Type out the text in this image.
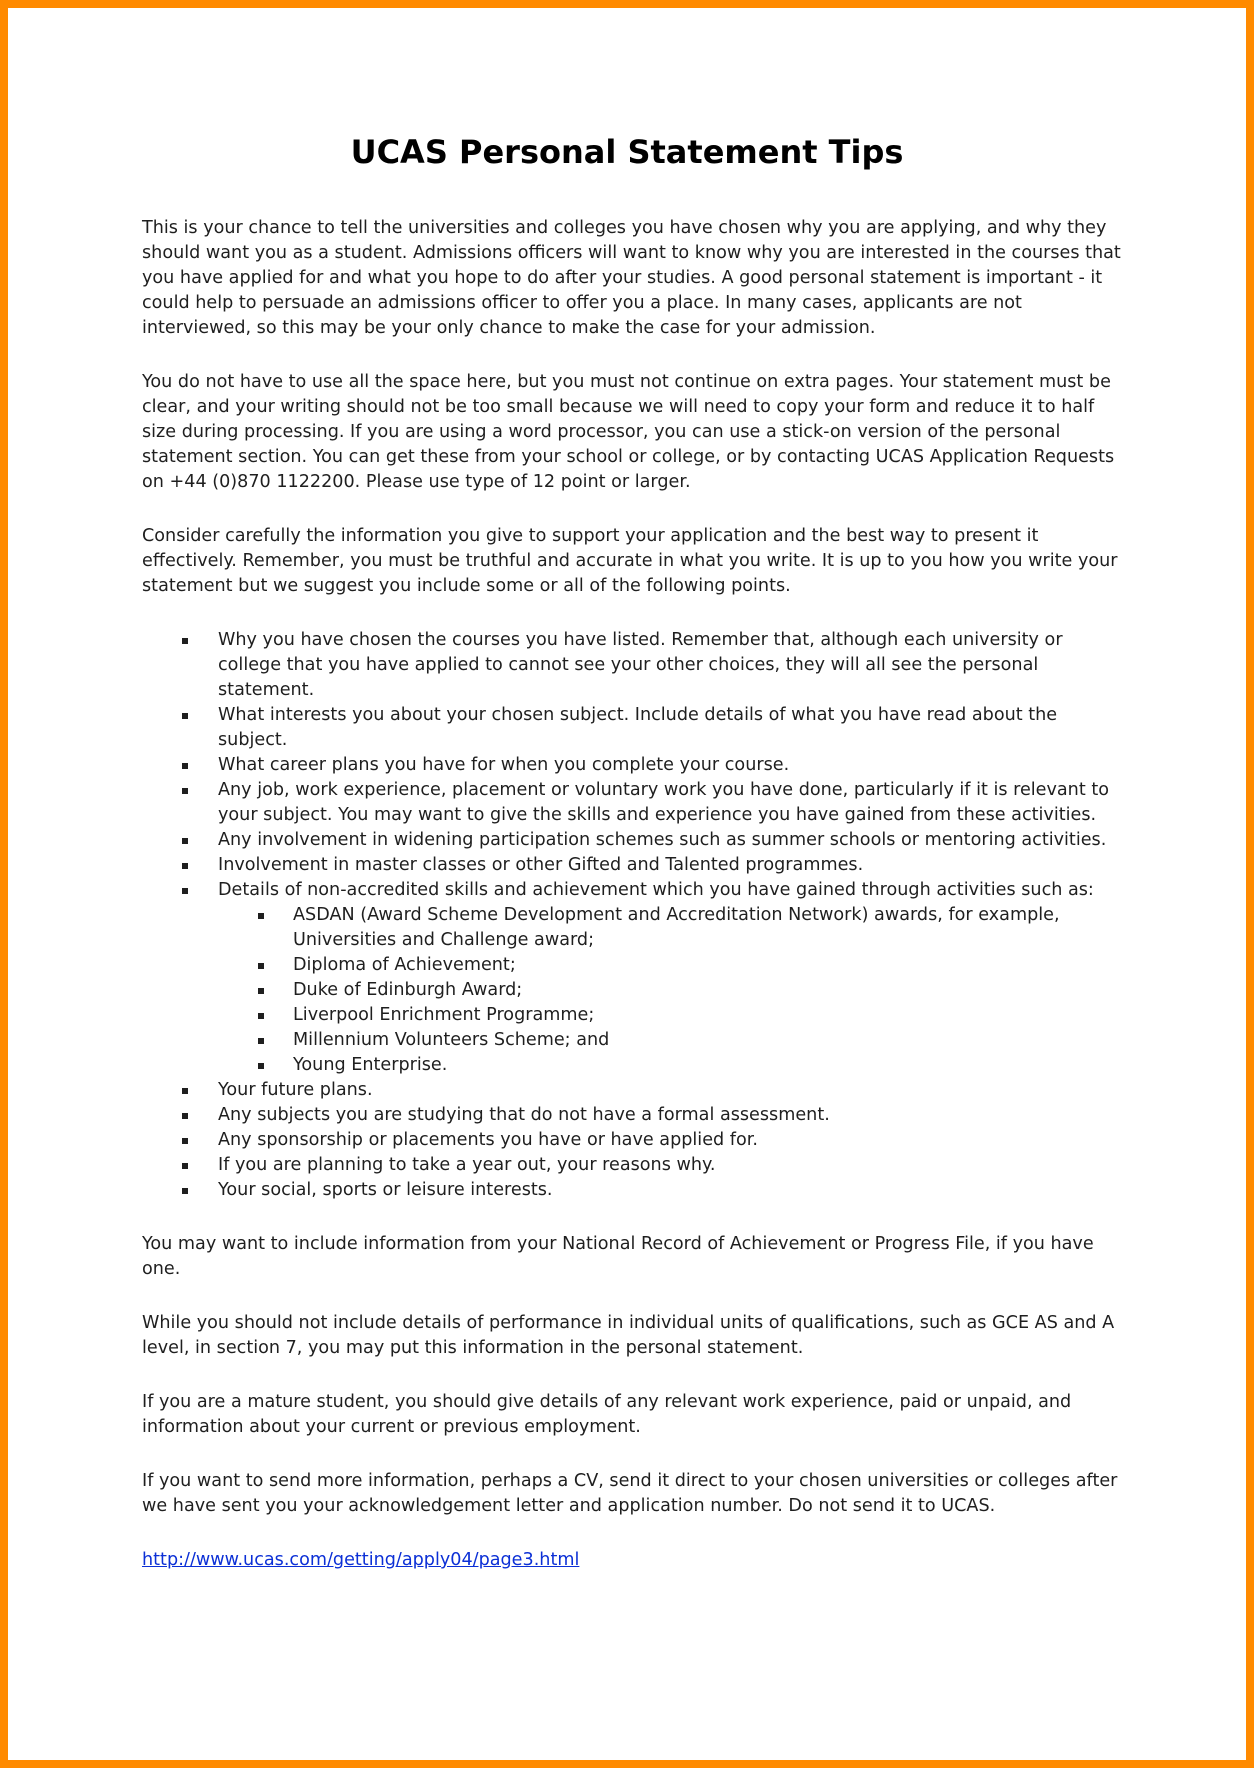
UCAS Personal Statement Tips

This is your chance to tell the universities and colleges you have chosen why you are applying, and why they should want you as a student. Admissions officers will want to know why you are interested in the courses that you have applied for and what you hope to do after your studies. A good personal statement is important - it could help to persuade an admissions officer to offer you a place. In many cases, applicants are not interviewed, so this may be your only chance to make the case for your admission.

You do not have to use all the space here, but you must not continue on extra pages. Your statement must be clear, and your writing should not be too small because we will need to copy your form and reduce it to half size during processing. If you are using a word processor, you can use a stick-on version of the personal statement section. You can get these from your school or college, or by contacting UCAS Application Requests on +44 (0)870 1122200. Please use type of 12 point or larger.

Consider carefully the information you give to support your application and the best way to present it effectively. Remember, you must be truthful and accurate in what you write. It is up to you how you write your statement but we suggest you include some or all of the following points.

Why you have chosen the courses you have listed. Remember that, although each university or college that you have applied to cannot see your other choices, they will all see the personal statement.
What interests you about your chosen subject. Include details of what you have read about the subject.
What career plans you have for when you complete your course.
Any job, work experience, placement or voluntary work you have done, particularly if it is relevant to your subject. You may want to give the skills and experience you have gained from these activities.
Any involvement in widening participation schemes such as summer schools or mentoring activities.
Involvement in master classes or other Gifted and Talented programmes.
Details of non-accredited skills and achievement which you have gained through activities such as:
ASDAN (Award Scheme Development and Accreditation Network) awards, for example, Universities and Challenge award;
Diploma of Achievement;
Duke of Edinburgh Award;
Liverpool Enrichment Programme;
Millennium Volunteers Scheme; and
Young Enterprise.
Your future plans.
Any subjects you are studying that do not have a formal assessment.
Any sponsorship or placements you have or have applied for.
If you are planning to take a year out, your reasons why.
Your social, sports or leisure interests.

You may want to include information from your National Record of Achievement or Progress File, if you have one.

While you should not include details of performance in individual units of qualifications, such as GCE AS and A level, in section 7, you may put this information in the personal statement.

If you are a mature student, you should give details of any relevant work experience, paid or unpaid, and information about your current or previous employment.

If you want to send more information, perhaps a CV, send it direct to your chosen universities or colleges after we have sent you your acknowledgement letter and application number. Do not send it to UCAS.

http://www.ucas.com/getting/apply04/page3.html
